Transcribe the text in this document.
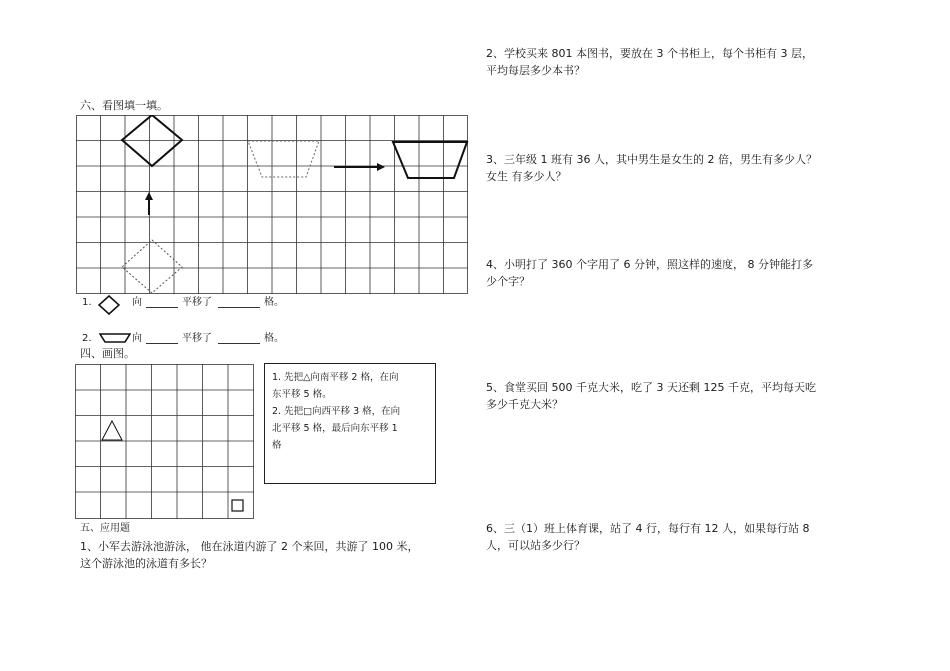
2、学校买来 801 本图书，要放在 3 个书柜上，每个书柜有 3 层，
平均每层多少本书？
3、三年级 1 班有 36 人，其中男生是女生的 2 倍，男生有多少人？
女生 有多少人？
4、小明打了 360 个字用了 6 分钟，照这样的速度， 8 分钟能打多
少个字？
5、食堂买回 500 千克大米，吃了 3 天还剩 125 千克，平均每天吃
多少千克大米？
6、三（1）班上体育课，站了 4 行，每行有 12 人，如果每行站 8
人，可以站多少行？
六、看图填一填。
1.	向	平移了	格。
2.	向	平移了	格。
四、画图。
1. 先把△向南平移 2 格，在向
东平移 5 格。
2. 先把□向西平移 3 格，在向
北平移 5 格，最后向东平移 1
格
五、应用题
1、小军去游泳池游泳， 他在泳道内游了 2 个来回，共游了 100 米，
这个游泳池的泳道有多长？
